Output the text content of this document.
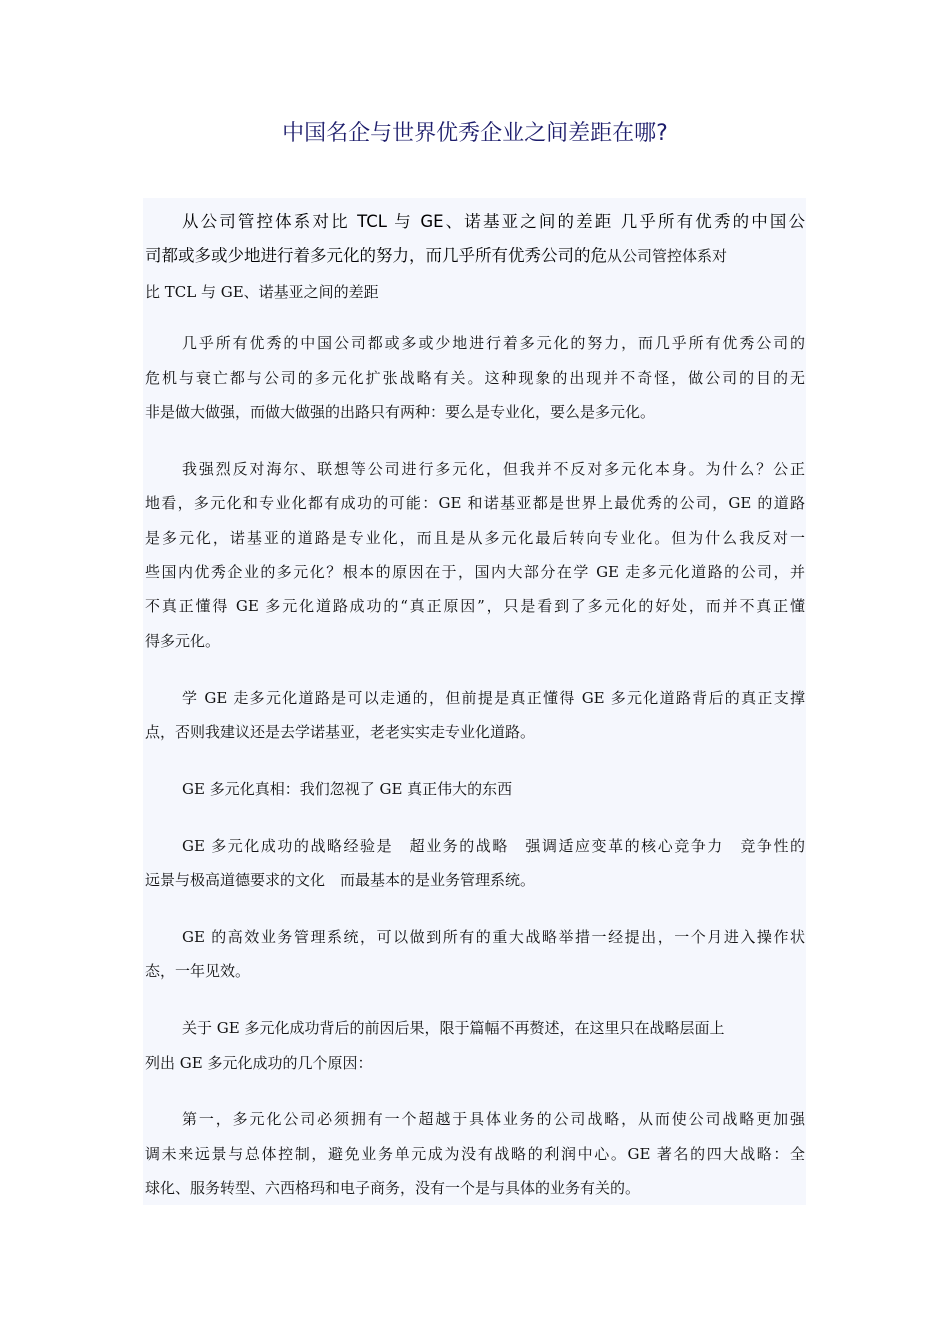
中国名企与世界优秀企业之间差距在哪?
从公司管控体系对比 TCL 与 GE、诺基亚之间的差距 几乎所有优秀的中国公
司都或多或少地进行着多元化的努力，而几乎所有优秀公司的危从公司管控体系对
比 TCL 与 GE、诺基亚之间的差距
几乎所有优秀的中国公司都或多或少地进行着多元化的努力，而几乎所有优秀公司的
危机与衰亡都与公司的多元化扩张战略有关。这种现象的出现并不奇怪，做公司的目的无
非是做大做强，而做大做强的出路只有两种：要么是专业化，要么是多元化。
我强烈反对海尔、联想等公司进行多元化，但我并不反对多元化本身。为什么？公正
地看，多元化和专业化都有成功的可能：GE 和诺基亚都是世界上最优秀的公司，GE 的道路
是多元化，诺基亚的道路是专业化，而且是从多元化最后转向专业化。但为什么我反对一
些国内优秀企业的多元化？根本的原因在于，国内大部分在学 GE 走多元化道路的公司，并
不真正懂得 GE 多元化道路成功的“真正原因”，只是看到了多元化的好处，而并不真正懂
得多元化。
学 GE 走多元化道路是可以走通的，但前提是真正懂得 GE 多元化道路背后的真正支撑
点，否则我建议还是去学诺基亚，老老实实走专业化道路。
GE 多元化真相：我们忽视了 GE 真正伟大的东西
GE 多元化成功的战略经验是　超业务的战略　强调适应变革的核心竞争力　竞争性的
远景与极高道德要求的文化　而最基本的是业务管理系统。
GE 的高效业务管理系统，可以做到所有的重大战略举措一经提出，一个月进入操作状
态，一年见效。
关于 GE 多元化成功背后的前因后果，限于篇幅不再赘述，在这里只在战略层面上
列出 GE 多元化成功的几个原因：
第一，多元化公司必须拥有一个超越于具体业务的公司战略，从而使公司战略更加强
调未来远景与总体控制，避免业务单元成为没有战略的利润中心。GE 著名的四大战略：全
球化、服务转型、六西格玛和电子商务，没有一个是与具体的业务有关的。
